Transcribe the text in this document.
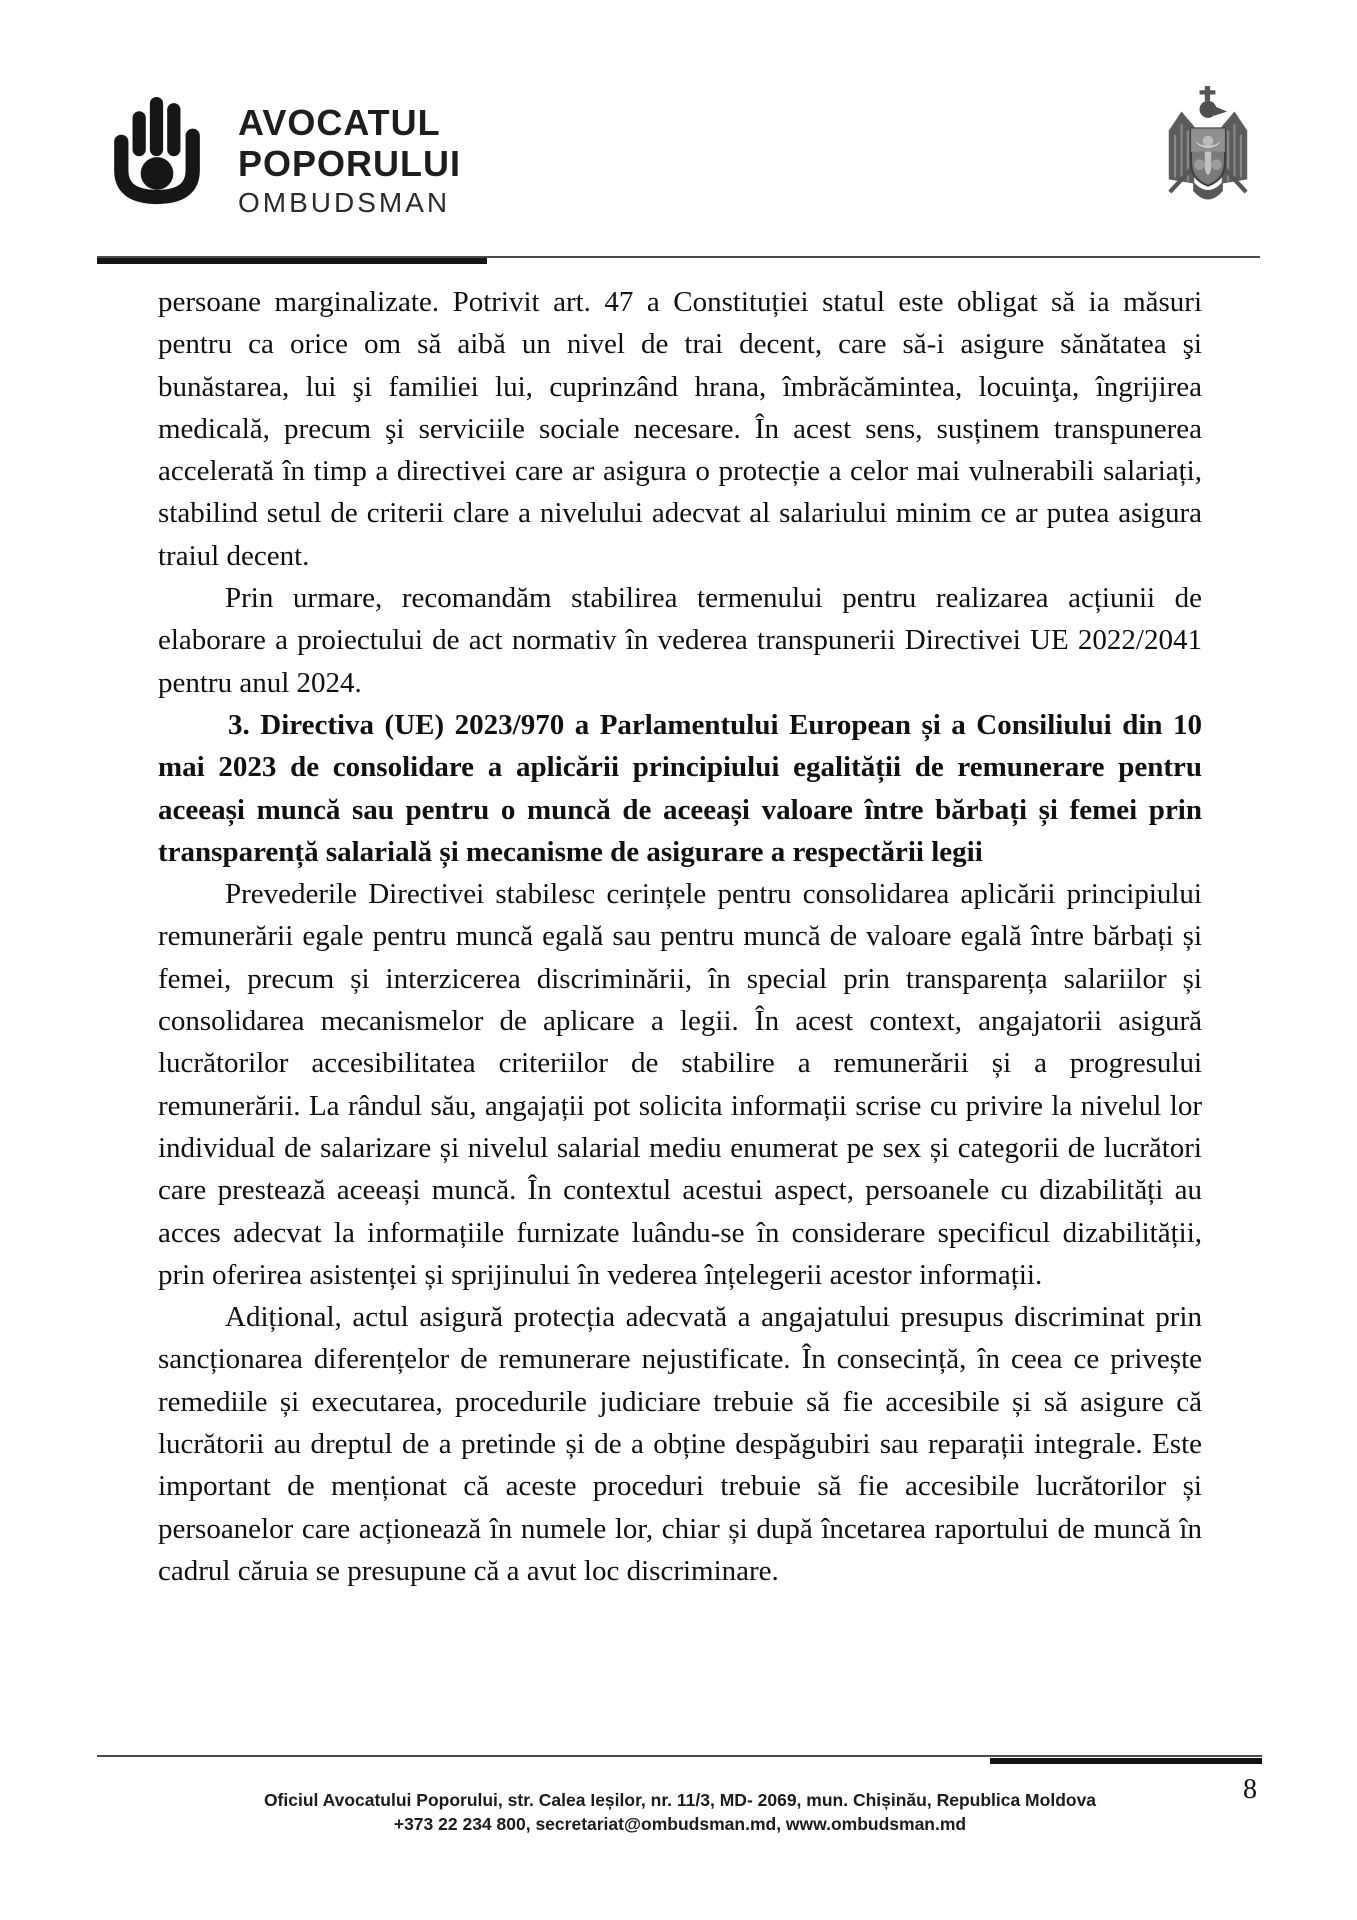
AVOCATUL
POPORULUI
OMBUDSMAN

persoane marginalizate. Potrivit art. 47 a Constituției statul este obligat să ia măsuri pentru ca orice om să aibă un nivel de trai decent, care să-i asigure sănătatea şi bunăstarea, lui şi familiei lui, cuprinzând hrana, îmbrăcămintea, locuinţa, îngrijirea medicală, precum şi serviciile sociale necesare. În acest sens, susținem transpunerea accelerată în timp a directivei care ar asigura o protecție a celor mai vulnerabili salariați, stabilind setul de criterii clare a nivelului adecvat al salariului minim ce ar putea asigura traiul decent.

Prin urmare, recomandăm stabilirea termenului pentru realizarea acțiunii de elaborare a proiectului de act normativ în vederea transpunerii Directivei UE 2022/2041 pentru anul 2024.

3. Directiva (UE) 2023/970 a Parlamentului European și a Consiliului din 10 mai 2023 de consolidare a aplicării principiului egalității de remunerare pentru aceeași muncă sau pentru o muncă de aceeași valoare între bărbați și femei prin transparență salarială și mecanisme de asigurare a respectării legii

Prevederile Directivei stabilesc cerințele pentru consolidarea aplicării principiului remunerării egale pentru muncă egală sau pentru muncă de valoare egală între bărbați și femei, precum și interzicerea discriminării, în special prin transparența salariilor și consolidarea mecanismelor de aplicare a legii. În acest context, angajatorii asigură lucrătorilor accesibilitatea criteriilor de stabilire a remunerării și a progresului remunerării. La rândul său, angajații pot solicita informații scrise cu privire la nivelul lor individual de salarizare și nivelul salarial mediu enumerat pe sex și categorii de lucrători care prestează aceeași muncă. În contextul acestui aspect, persoanele cu dizabilități au acces adecvat la informațiile furnizate luându-se în considerare specificul dizabilității, prin oferirea asistenței și sprijinului în vederea înțelegerii acestor informații.

Adițional, actul asigură protecția adecvată a angajatului presupus discriminat prin sancționarea diferențelor de remunerare nejustificate. În consecință, în ceea ce privește remediile și executarea, procedurile judiciare trebuie să fie accesibile și să asigure că lucrătorii au dreptul de a pretinde și de a obține despăgubiri sau reparații integrale. Este important de menționat că aceste proceduri trebuie să fie accesibile lucrătorilor și persoanelor care acționează în numele lor, chiar și după încetarea raportului de muncă în cadrul căruia se presupune că a avut loc discriminare.

Oficiul Avocatului Poporului, str. Calea Ieșilor, nr. 11/3, MD- 2069, mun. Chișinău, Republica Moldova
+373 22 234 800, secretariat@ombudsman.md, www.ombudsman.md
8
